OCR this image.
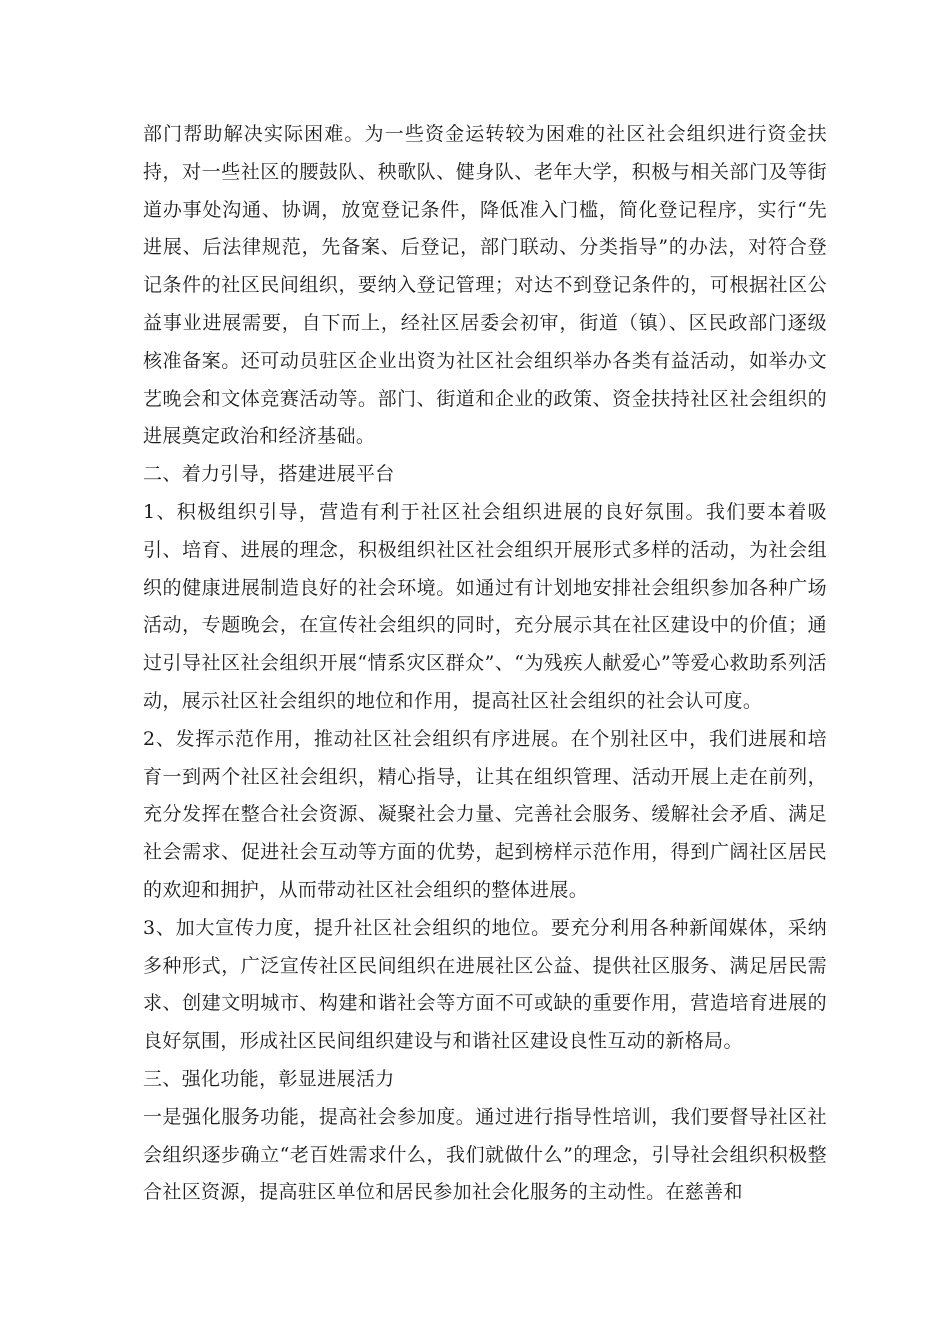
部门帮助解决实际困难。为一些资金运转较为困难的社区社会组织进行资金扶持，对一些社区的腰鼓队、秧歌队、健身队、老年大学，积极与相关部门及等街道办事处沟通、协调，放宽登记条件，降低准入门槛，简化登记程序，实行“先进展、后法律规范，先备案、后登记，部门联动、分类指导”的办法，对符合登记条件的社区民间组织，要纳入登记管理；对达不到登记条件的，可根据社区公益事业进展需要，自下而上，经社区居委会初审，街道（镇）、区民政部门逐级核准备案。还可动员驻区企业出资为社区社会组织举办各类有益活动，如举办文艺晚会和文体竞赛活动等。部门、街道和企业的政策、资金扶持社区社会组织的进展奠定政治和经济基础。

二、着力引导，搭建进展平台

1、积极组织引导，营造有利于社区社会组织进展的良好氛围。我们要本着吸引、培育、进展的理念，积极组织社区社会组织开展形式多样的活动，为社会组织的健康进展制造良好的社会环境。如通过有计划地安排社会组织参加各种广场活动，专题晚会，在宣传社会组织的同时，充分展示其在社区建设中的价值；通过引导社区社会组织开展“情系灾区群众”、“为残疾人献爱心”等爱心救助系列活动，展示社区社会组织的地位和作用，提高社区社会组织的社会认可度。

2、发挥示范作用，推动社区社会组织有序进展。在个别社区中，我们进展和培育一到两个社区社会组织，精心指导，让其在组织管理、活动开展上走在前列，充分发挥在整合社会资源、凝聚社会力量、完善社会服务、缓解社会矛盾、满足社会需求、促进社会互动等方面的优势，起到榜样示范作用，得到广阔社区居民的欢迎和拥护，从而带动社区社会组织的整体进展。

3、加大宣传力度，提升社区社会组织的地位。要充分利用各种新闻媒体，采纳多种形式，广泛宣传社区民间组织在进展社区公益、提供社区服务、满足居民需求、创建文明城市、构建和谐社会等方面不可或缺的重要作用，营造培育进展的良好氛围，形成社区民间组织建设与和谐社区建设良性互动的新格局。

三、强化功能，彰显进展活力

一是强化服务功能，提高社会参加度。通过进行指导性培训，我们要督导社区社会组织逐步确立“老百姓需求什么，我们就做什么”的理念，引导社会组织积极整合社区资源，提高驻区单位和居民参加社会化服务的主动性。在慈善和
